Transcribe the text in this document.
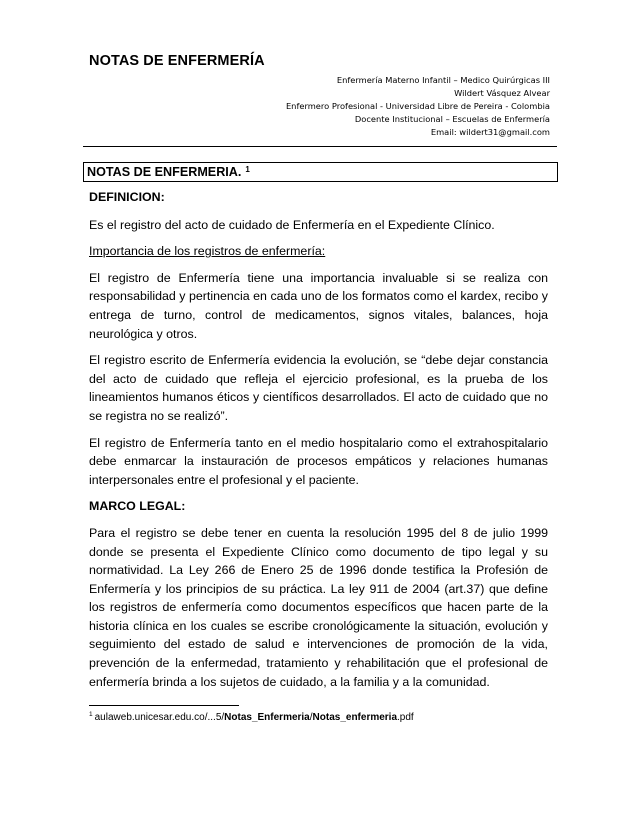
NOTAS DE ENFERMERÍA
Enfermería Materno Infantil – Medico Quirúrgicas III
Wildert Vásquez Alvear
Enfermero Profesional - Universidad Libre de Pereira - Colombia
Docente Institucional – Escuelas de Enfermería
Email: wildert31@gmail.com
NOTAS DE ENFERMERIA. $^1$

DEFINICION:

Es el registro del acto de cuidado de Enfermería en el Expediente Clínico.

Importancia de los registros de enfermería:

El registro de Enfermería tiene una importancia invaluable si se realiza con responsabilidad y pertinencia en cada uno de los formatos como el kardex, recibo y entrega de turno, control de medicamentos, signos vitales, balances, hoja neurológica y otros.

El registro escrito de Enfermería evidencia la evolución, se “debe dejar constancia del acto de cuidado que refleja el ejercicio profesional, es la prueba de los lineamientos humanos éticos y científicos desarrollados. El acto de cuidado que no se registra no se realizó”.

El registro de Enfermería tanto en el medio hospitalario como el extrahospitalario debe enmarcar la instauración de procesos empáticos y relaciones humanas interpersonales entre el profesional y el paciente.

MARCO LEGAL:

Para el registro se debe tener en cuenta la resolución 1995 del 8 de julio 1999 donde se presenta el Expediente Clínico como documento de tipo legal y su normatividad. La Ley 266 de Enero 25 de 1996 donde testifica la Profesión de Enfermería y los principios de su práctica. La ley 911 de 2004 (art.37) que define los registros de enfermería como documentos específicos que hacen parte de la historia clínica en los cuales se escribe cronológicamente la situación, evolución y seguimiento del estado de salud e intervenciones de promoción de la vida, prevención de la enfermedad, tratamiento y rehabilitación que el profesional de enfermería brinda a los sujetos de cuidado, a la familia y a la comunidad.

$^1$ aulaweb.unicesar.edu.co/...5/Notas_Enfermeria/Notas_enfermeria.pdf
